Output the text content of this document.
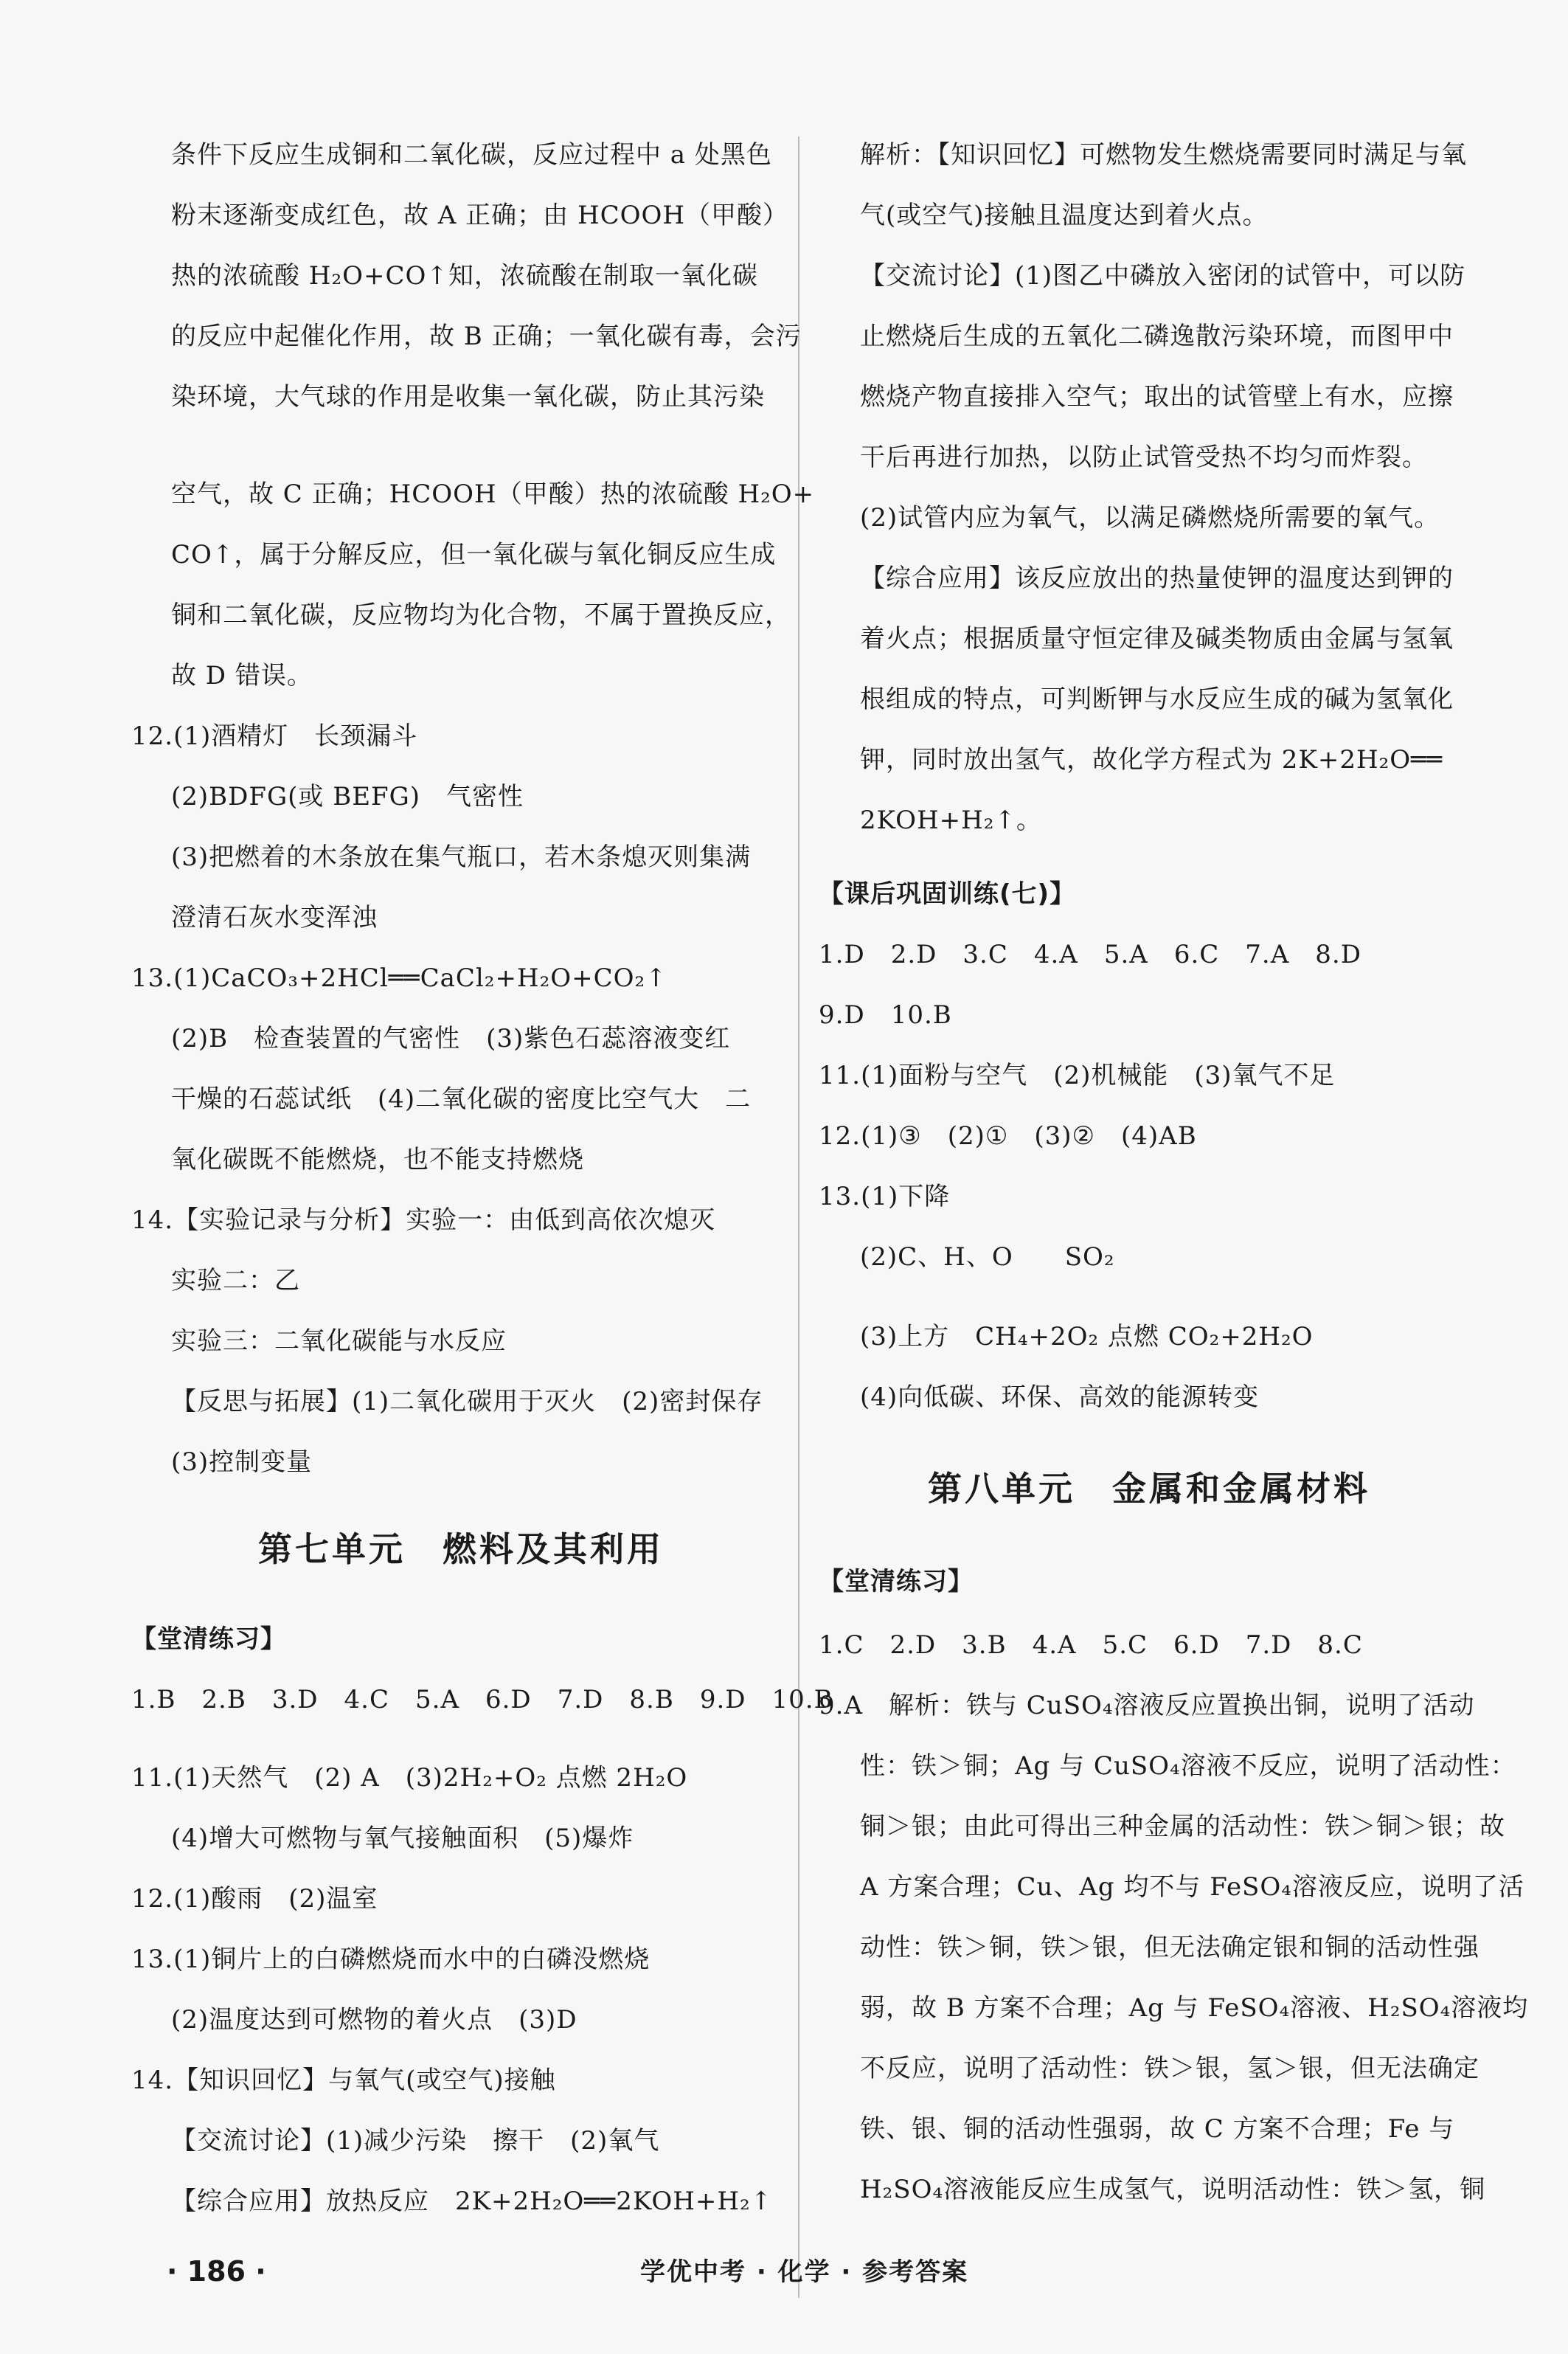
条件下反应生成铜和二氧化碳，反应过程中 a 处黑色
粉末逐渐变成红色，故 A 正确；由 HCOOH（甲酸）
热的浓硫酸 H₂O+CO↑知，浓硫酸在制取一氧化碳
的反应中起催化作用，故 B 正确；一氧化碳有毒，会污
染环境，大气球的作用是收集一氧化碳，防止其污染
空气，故 C 正确；HCOOH（甲酸）热的浓硫酸 H₂O+
CO↑，属于分解反应，但一氧化碳与氧化铜反应生成
铜和二氧化碳，反应物均为化合物，不属于置换反应，
故 D 错误。
12.(1)酒精灯　长颈漏斗
(2)BDFG(或 BEFG)　气密性
(3)把燃着的木条放在集气瓶口，若木条熄灭则集满
澄清石灰水变浑浊
13.(1)CaCO₃+2HCl══CaCl₂+H₂O+CO₂↑
(2)B　检查装置的气密性　(3)紫色石蕊溶液变红
干燥的石蕊试纸　(4)二氧化碳的密度比空气大　二
氧化碳既不能燃烧，也不能支持燃烧
14.【实验记录与分析】实验一：由低到高依次熄灭
实验二：乙
实验三：二氧化碳能与水反应
【反思与拓展】(1)二氧化碳用于灭火　(2)密封保存
(3)控制变量
第七单元　燃料及其利用
【堂清练习】
1.B　2.B　3.D　4.C　5.A　6.D　7.D　8.B　9.D　10.B
11.(1)天然气　(2) A　(3)2H₂+O₂ 点燃 2H₂O
(4)增大可燃物与氧气接触面积　(5)爆炸
12.(1)酸雨　(2)温室
13.(1)铜片上的白磷燃烧而水中的白磷没燃烧
(2)温度达到可燃物的着火点　(3)D
14.【知识回忆】与氧气(或空气)接触
【交流讨论】(1)减少污染　擦干　(2)氧气
【综合应用】放热反应　2K+2H₂O══2KOH+H₂↑
解析：【知识回忆】可燃物发生燃烧需要同时满足与氧
气(或空气)接触且温度达到着火点。
【交流讨论】(1)图乙中磷放入密闭的试管中，可以防
止燃烧后生成的五氧化二磷逸散污染环境，而图甲中
燃烧产物直接排入空气；取出的试管壁上有水，应擦
干后再进行加热，以防止试管受热不均匀而炸裂。
(2)试管内应为氧气，以满足磷燃烧所需要的氧气。
【综合应用】该反应放出的热量使钾的温度达到钾的
着火点；根据质量守恒定律及碱类物质由金属与氢氧
根组成的特点，可判断钾与水反应生成的碱为氢氧化
钾，同时放出氢气，故化学方程式为 2K+2H₂O══
2KOH+H₂↑。
【课后巩固训练(七)】
1.D　2.D　3.C　4.A　5.A　6.C　7.A　8.D
9.D　10.B
11.(1)面粉与空气　(2)机械能　(3)氧气不足
12.(1)③　(2)①　(3)②　(4)AB
13.(1)下降
(2)C、H、O　　SO₂
(3)上方　CH₄+2O₂ 点燃 CO₂+2H₂O
(4)向低碳、环保、高效的能源转变
第八单元　金属和金属材料
【堂清练习】
1.C　2.D　3.B　4.A　5.C　6.D　7.D　8.C
9.A　解析：铁与 CuSO₄溶液反应置换出铜，说明了活动
性：铁＞铜；Ag 与 CuSO₄溶液不反应，说明了活动性：
铜＞银；由此可得出三种金属的活动性：铁＞铜＞银；故
A 方案合理；Cu、Ag 均不与 FeSO₄溶液反应，说明了活
动性：铁＞铜，铁＞银，但无法确定银和铜的活动性强
弱，故 B 方案不合理；Ag 与 FeSO₄溶液、H₂SO₄溶液均
不反应，说明了活动性：铁＞银，氢＞银，但无法确定
铁、银、铜的活动性强弱，故 C 方案不合理；Fe 与
H₂SO₄溶液能反应生成氢气，说明活动性：铁＞氢，铜
· 186 ·	学优中考 · 化学 · 参考答案
